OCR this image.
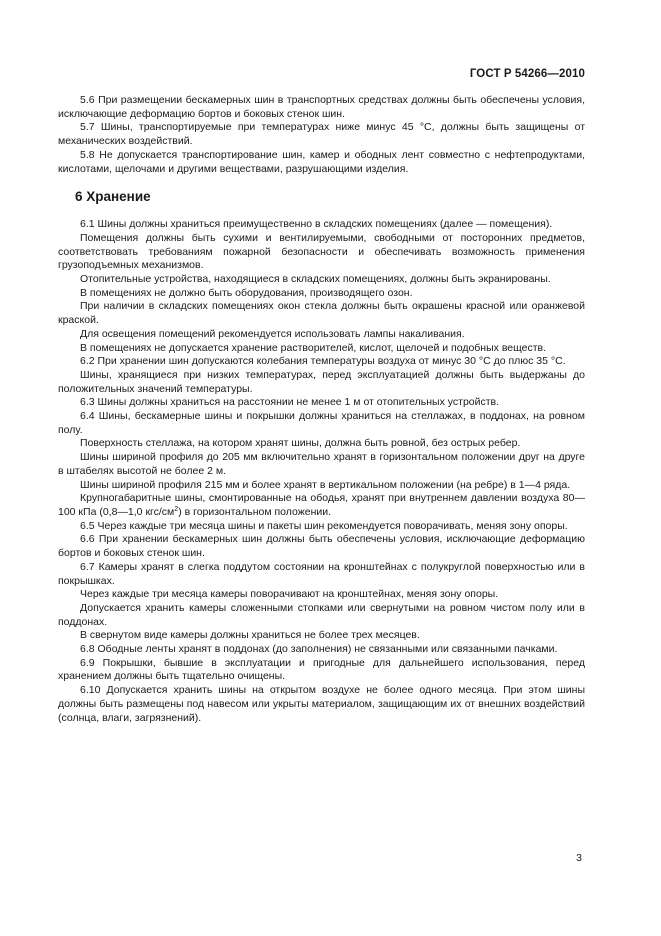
ГОСТ Р 54266—2010

5.6 При размещении бескамерных шин в транспортных средствах должны быть обеспечены условия, исключающие деформацию бортов и боковых стенок шин.

5.7 Шины, транспортируемые при температурах ниже минус 45 °С, должны быть защищены от механических воздействий.

5.8 Не допускается транспортирование шин, камер и ободных лент совместно с нефтепродуктами, кислотами, щелочами и другими веществами, разрушающими изделия.

6 Хранение

6.1 Шины должны храниться преимущественно в складских помещениях (далее — помещения).

Помещения должны быть сухими и вентилируемыми, свободными от посторонних предметов, соответствовать требованиям пожарной безопасности и обеспечивать возможность применения грузоподъемных механизмов.

Отопительные устройства, находящиеся в складских помещениях, должны быть экранированы.

В помещениях не должно быть оборудования, производящего озон.

При наличии в складских помещениях окон стекла должны быть окрашены красной или оранжевой краской.

Для освещения помещений рекомендуется использовать лампы накаливания.

В помещениях не допускается хранение растворителей, кислот, щелочей и подобных веществ.

6.2 При хранении шин допускаются колебания температуры воздуха от минус 30 °С до плюс 35 °С.

Шины, хранящиеся при низких температурах, перед эксплуатацией должны быть выдержаны до положительных значений температуры.

6.3 Шины должны храниться на расстоянии не менее 1 м от отопительных устройств.

6.4 Шины, бескамерные шины и покрышки должны храниться на стеллажах, в поддонах, на ровном полу.

Поверхность стеллажа, на котором хранят шины, должна быть ровной, без острых ребер.

Шины шириной профиля до 205 мм включительно хранят в горизонтальном положении друг на друге в штабелях высотой не более 2 м.

Шины шириной профиля 215 мм и более хранят в вертикальном положении (на ребре) в 1—4 ряда.

Крупногабаритные шины, смонтированные на ободья, хранят при внутреннем давлении воздуха 80—100 кПа (0,8—1,0 кгс/$см^2$) в горизонтальном положении.

6.5 Через каждые три месяца шины и пакеты шин рекомендуется поворачивать, меняя зону опоры.

6.6 При хранении бескамерных шин должны быть обеспечены условия, исключающие деформацию бортов и боковых стенок шин.

6.7 Камеры хранят в слегка поддутом состоянии на кронштейнах с полукруглой поверхностью или в покрышках.

Через каждые три месяца камеры поворачивают на кронштейнах, меняя зону опоры.

Допускается хранить камеры сложенными стопками или свернутыми на ровном чистом полу или в поддонах.

В свернутом виде камеры должны храниться не более трех месяцев.

6.8 Ободные ленты хранят в поддонах (до заполнения) не связанными или связанными пачками.

6.9 Покрышки, бывшие в эксплуатации и пригодные для дальнейшего использования, перед хранением должны быть тщательно очищены.

6.10 Допускается хранить шины на открытом воздухе не более одного месяца. При этом шины должны быть размещены под навесом или укрыты материалом, защищающим их от внешних воздействий (солнца, влаги, загрязнений).

3
